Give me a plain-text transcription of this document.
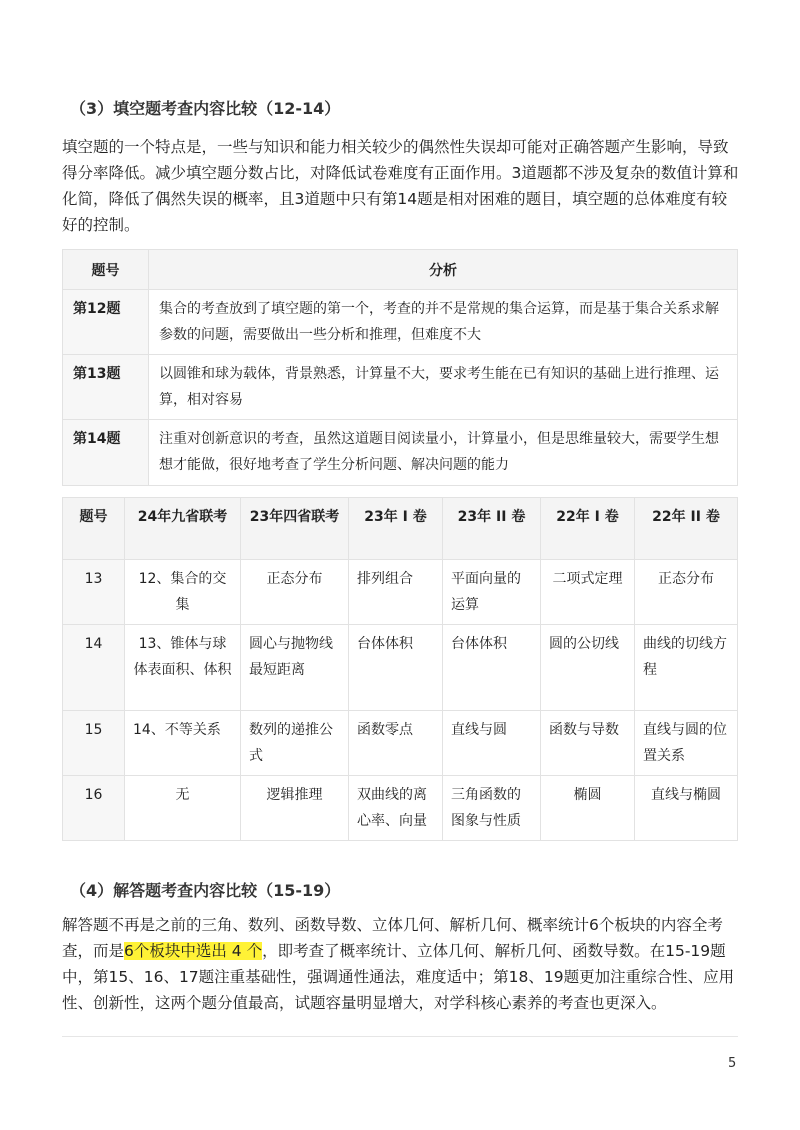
（3）填空题考查内容比较（12-14）
填空题的一个特点是，一些与知识和能力相关较少的偶然性失误却可能对正确答题产生影响，导致得分率降低。减少填空题分数占比，对降低试卷难度有正面作用。3道题都不涉及复杂的数值计算和化简，降低了偶然失误的概率，且3道题中只有第14题是相对困难的题目，填空题的总体难度有较好的控制。
题号	分析
第12题	集合的考查放到了填空题的第一个，考查的并不是常规的集合运算，而是基于集合关系求解参数的问题，需要做出一些分析和推理，但难度不大
第13题	以圆锥和球为载体，背景熟悉，计算量不大，要求考生能在已有知识的基础上进行推理、运算，相对容易
第14题	注重对创新意识的考查，虽然这道题目阅读量小，计算量小，但是思维量较大，需要学生想想才能做，很好地考查了学生分析问题、解决问题的能力
题号	24年九省联考	23年四省联考	23年 I 卷	23年 II 卷	22年 I 卷	22年 II 卷
13	12、集合的交集	正态分布	排列组合	平面向量的运算	二项式定理	正态分布
14	13、锥体与球体表面积、体积	圆心与抛物线最短距离	台体体积	台体体积	圆的公切线	曲线的切线方程
15	14、不等关系	数列的递推公式	函数零点	直线与圆	函数与导数	直线与圆的位置关系
16	无	逻辑推理	双曲线的离心率、向量	三角函数的图象与性质	椭圆	直线与椭圆
（4）解答题考查内容比较（15-19）
解答题不再是之前的三角、数列、函数导数、立体几何、解析几何、概率统计6个板块的内容全考查，而是6个板块中选出 4 个，即考查了概率统计、立体几何、解析几何、函数导数。在15-19题中，第15、16、17题注重基础性，强调通性通法，难度适中；第18、19题更加注重综合性、应用性、创新性，这两个题分值最高，试题容量明显增大，对学科核心素养的考查也更深入。
5
